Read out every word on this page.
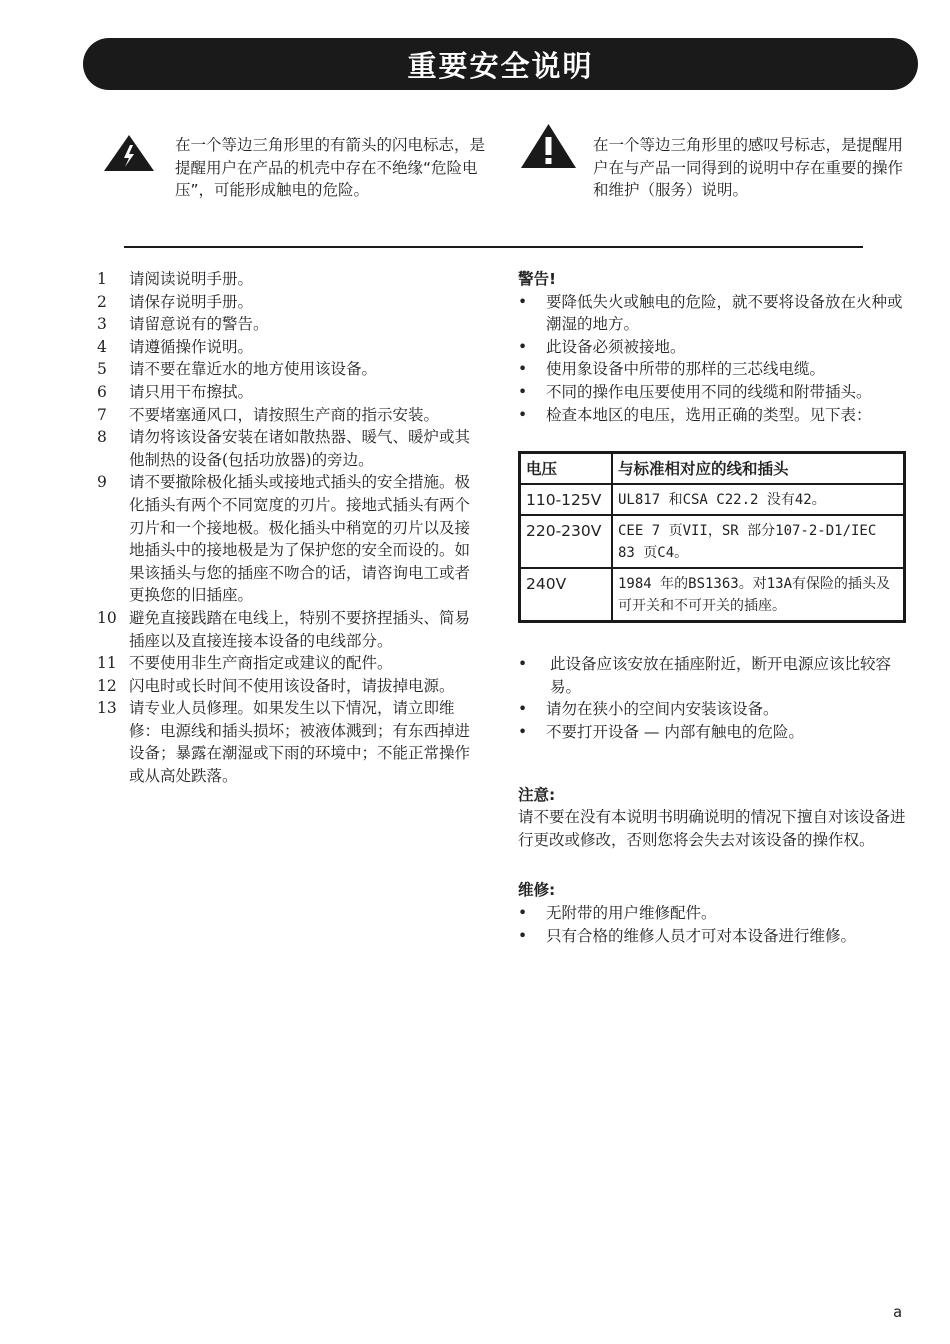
重要安全说明
在一个等边三角形里的有箭头的闪电标志，是提醒用户在产品的机壳中存在不绝缘“危险电压”，可能形成触电的危险。
在一个等边三角形里的感叹号标志，是提醒用户在与产品一同得到的说明中存在重要的操作和维护（服务）说明。
1	请阅读说明手册。
2	请保存说明手册。
3	请留意说有的警告。
4	请遵循操作说明。
5	请不要在靠近水的地方使用该设备。
6	请只用干布擦拭。
7	不要堵塞通风口，请按照生产商的指示安装。
8	请勿将该设备安装在诸如散热器、暖气、暖炉或其他制热的设备(包括功放器)的旁边。
9	请不要撤除极化插头或接地式插头的安全措施。极化插头有两个不同宽度的刃片。接地式插头有两个刃片和一个接地极。极化插头中稍宽的刃片以及接地插头中的接地极是为了保护您的安全而设的。如果该插头与您的插座不吻合的话，请咨询电工或者更换您的旧插座。
10 避免直接践踏在电线上，特别不要挤捏插头、简易插座以及直接连接本设备的电线部分。
11 不要使用非生产商指定或建议的配件。
12 闪电时或长时间不使用该设备时，请拔掉电源。
13 请专业人员修理。如果发生以下情况，请立即维修：电源线和插头损坏；被液体溅到；有东西掉进设备；暴露在潮湿或下雨的环境中；不能正常操作或从高处跌落。
警告!
•	要降低失火或触电的危险，就不要将设备放在火种或潮湿的地方。
•	此设备必须被接地。
•	使用象设备中所带的那样的三芯线电缆。
•	不同的操作电压要使用不同的线缆和附带插头。
•	检查本地区的电压，选用正确的类型。见下表：
电压	与标准相对应的线和插头
110-125V	UL817 和CSA C22.2 没有42。
220-230V	CEE 7 页VII，SR 部分107-2-D1/IEC 83 页C4。
240V	1984 年的BS1363。对13A有保险的插头及可开关和不可开关的插座。
•	此设备应该安放在插座附近，断开电源应该比较容易。
•	请勿在狭小的空间内安装该设备。
•	不要打开设备 — 内部有触电的危险。
注意:
请不要在没有本说明书明确说明的情况下擅自对该设备进行更改或修改，否则您将会失去对该设备的操作权。
维修:
•	无附带的用户维修配件。
•	只有合格的维修人员才可对本设备进行维修。
a
